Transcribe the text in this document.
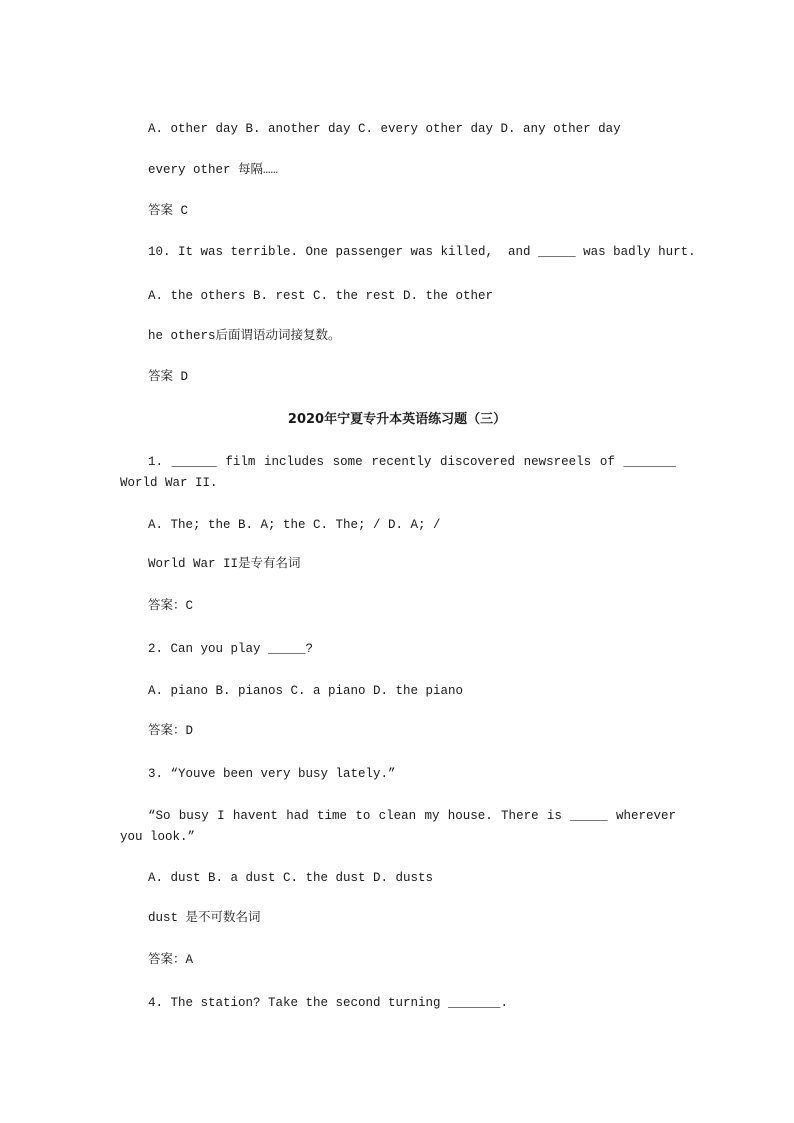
A. other day B. another day C. every other day D. any other day
every other 每隔……
答案 C
10. It was terrible. One passenger was killed,  and _____ was badly hurt.
A. the others B. rest C. the rest D. the other
he others后面谓语动词接复数。
答案 D
2020年宁夏专升本英语练习题（三）
1. ______ film includes some recently discovered newsreels of _______ World War II.
A. The; the B. A; the C. The; / D. A; /
World War II是专有名词
答案：C
2. Can you play _____?
A. piano B. pianos C. a piano D. the piano
答案：D
3. “Youve been very busy lately.”
“So busy I havent had time to clean my house. There is _____ wherever you look.”
A. dust B. a dust C. the dust D. dusts
dust 是不可数名词
答案：A
4. The station? Take the second turning _______.
